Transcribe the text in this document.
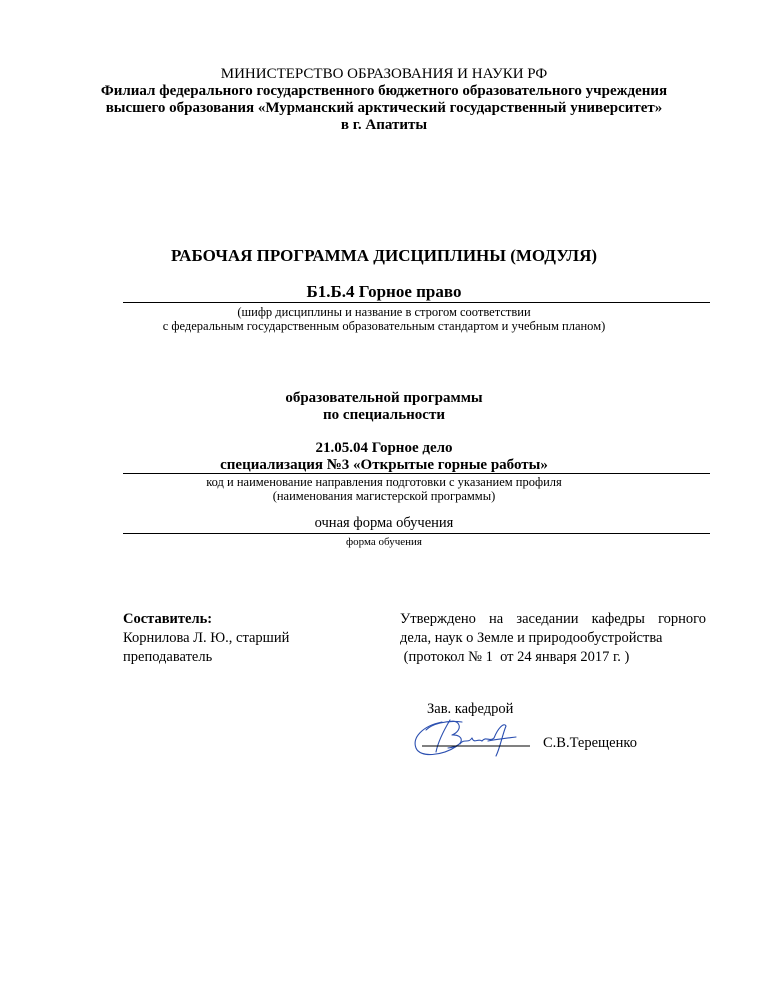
МИНИСТЕРСТВО ОБРАЗОВАНИЯ И НАУКИ РФ
Филиал федерального государственного бюджетного образовательного учреждения
высшего образования «Мурманский арктический государственный университет»
в г. Апатиты
РАБОЧАЯ ПРОГРАММА ДИСЦИПЛИНЫ (МОДУЛЯ)
Б1.Б.4 Горное право
(шифр дисциплины и название в строгом соответствии
с федеральным государственным образовательным стандартом и учебным планом)
образовательной программы
по специальности
21.05.04 Горное дело
специализация №3 «Открытые горные работы»
код и наименование направления подготовки с указанием профиля
(наименования магистерской программы)
очная форма обучения
форма обучения
Составитель:
Корнилова Л. Ю., старший
преподаватель
Утверждено на заседании кафедры горного
дела, наук о Земле и природообустройства
(протокол № 1  от 24 января 2017 г. )
Зав. кафедрой
С.В.Терещенко
